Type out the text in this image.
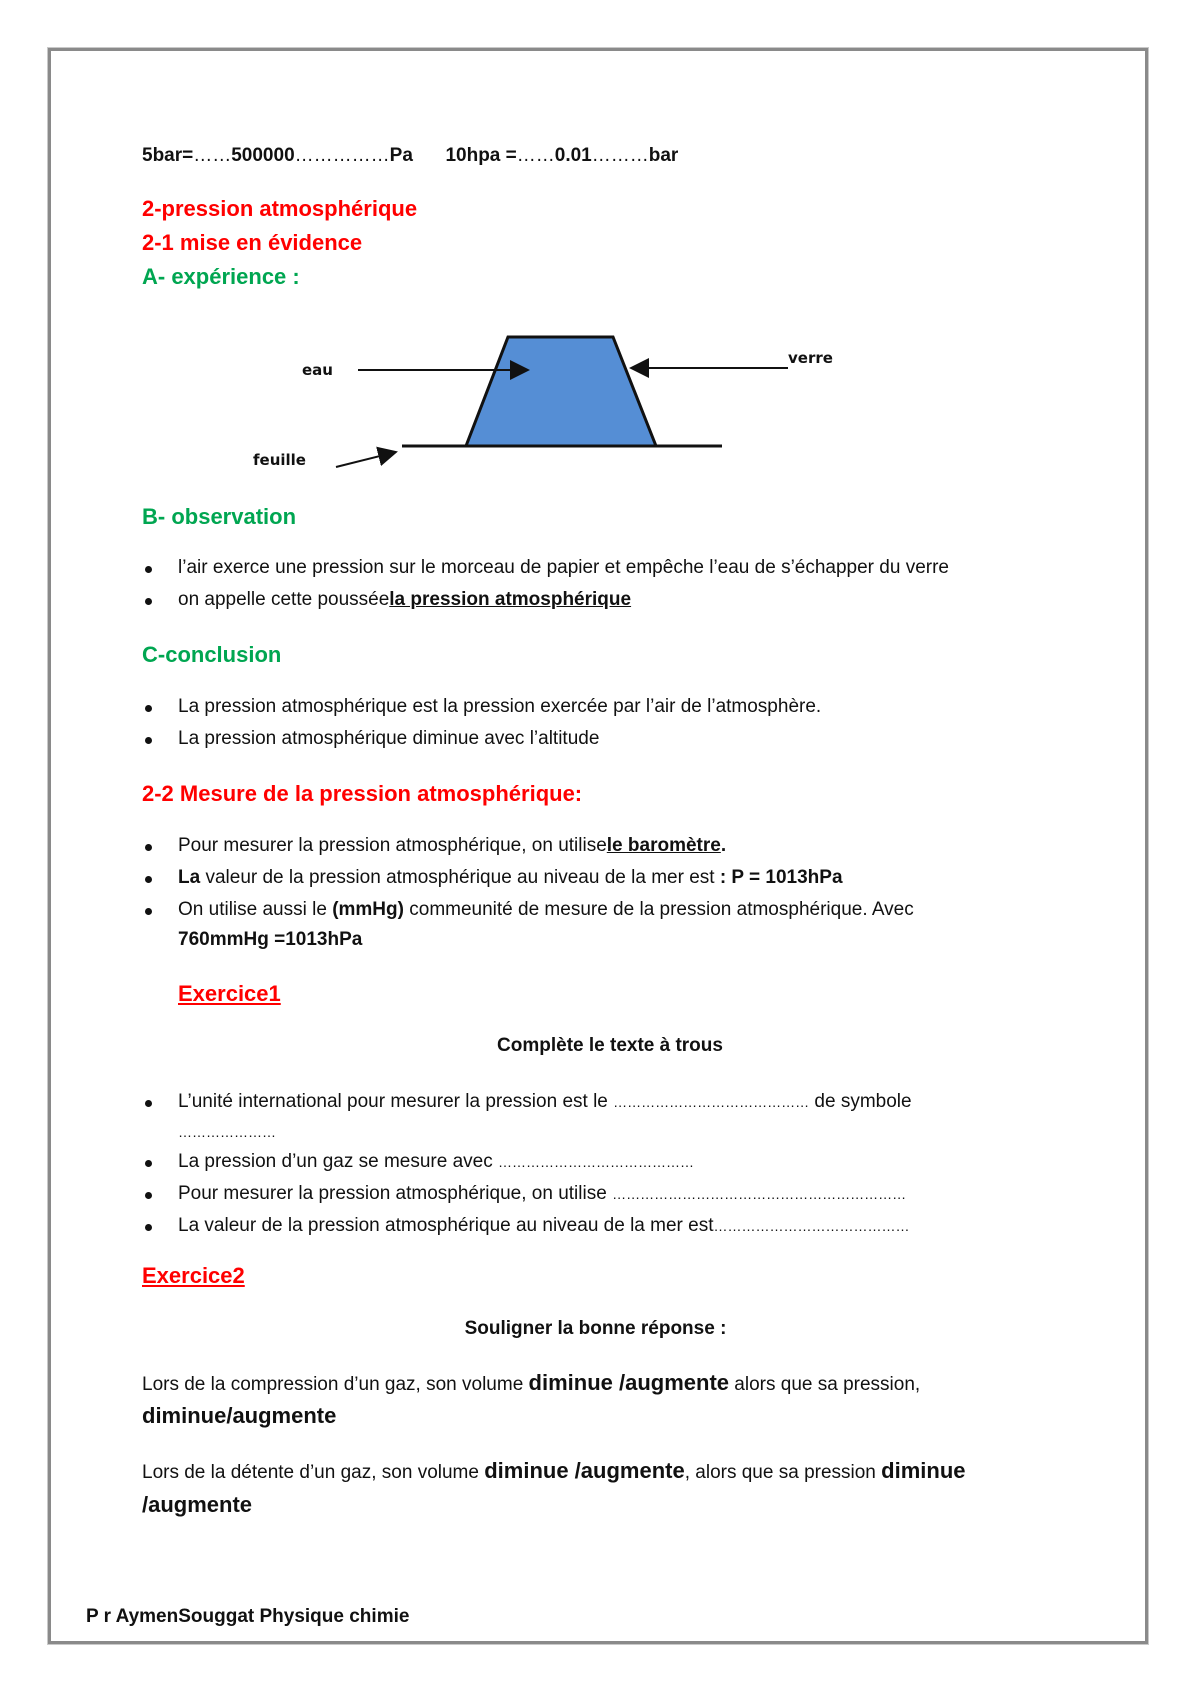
5bar=……500000……………Pa 10hpa =……0.01………bar
2-pression atmosphérique
2-1 mise en évidence
A- expérience :
eau
verre
feuille
B- observation
l’air exerce une pression sur le morceau de papier et empêche l’eau de s’échapper du verre
on appelle cette pousséela pression atmosphérique
C-conclusion
La pression atmosphérique est la pression exercée par l’air de l’atmosphère.
La pression atmosphérique diminue avec l’altitude
2-2 Mesure de la pression atmosphérique:
Pour mesurer la pression atmosphérique, on utilisele baromètre.
La valeur de la pression atmosphérique au niveau de la mer est : P = 1013hPa
On utilise aussi le (mmHg) commeunité de mesure de la pression atmosphérique. Avec
760mmHg =1013hPa
Exercice1
Complète le texte à trous
L’unité international pour mesurer la pression est le …………………………………… de symbole
…………………
La pression d’un gaz se mesure avec ……………………………………
Pour mesurer la pression atmosphérique, on utilise ………………………………………………………
La valeur de la pression atmosphérique au niveau de la mer est……………………………………
Exercice2
Souligner la bonne réponse :
Lors de la compression d’un gaz, son volume diminue /augmente alors que sa pression,
diminue/augmente
Lors de la détente d’un gaz, son volume diminue /augmente, alors que sa pression diminue
/augmente
P r AymenSouggat Physique chimie
